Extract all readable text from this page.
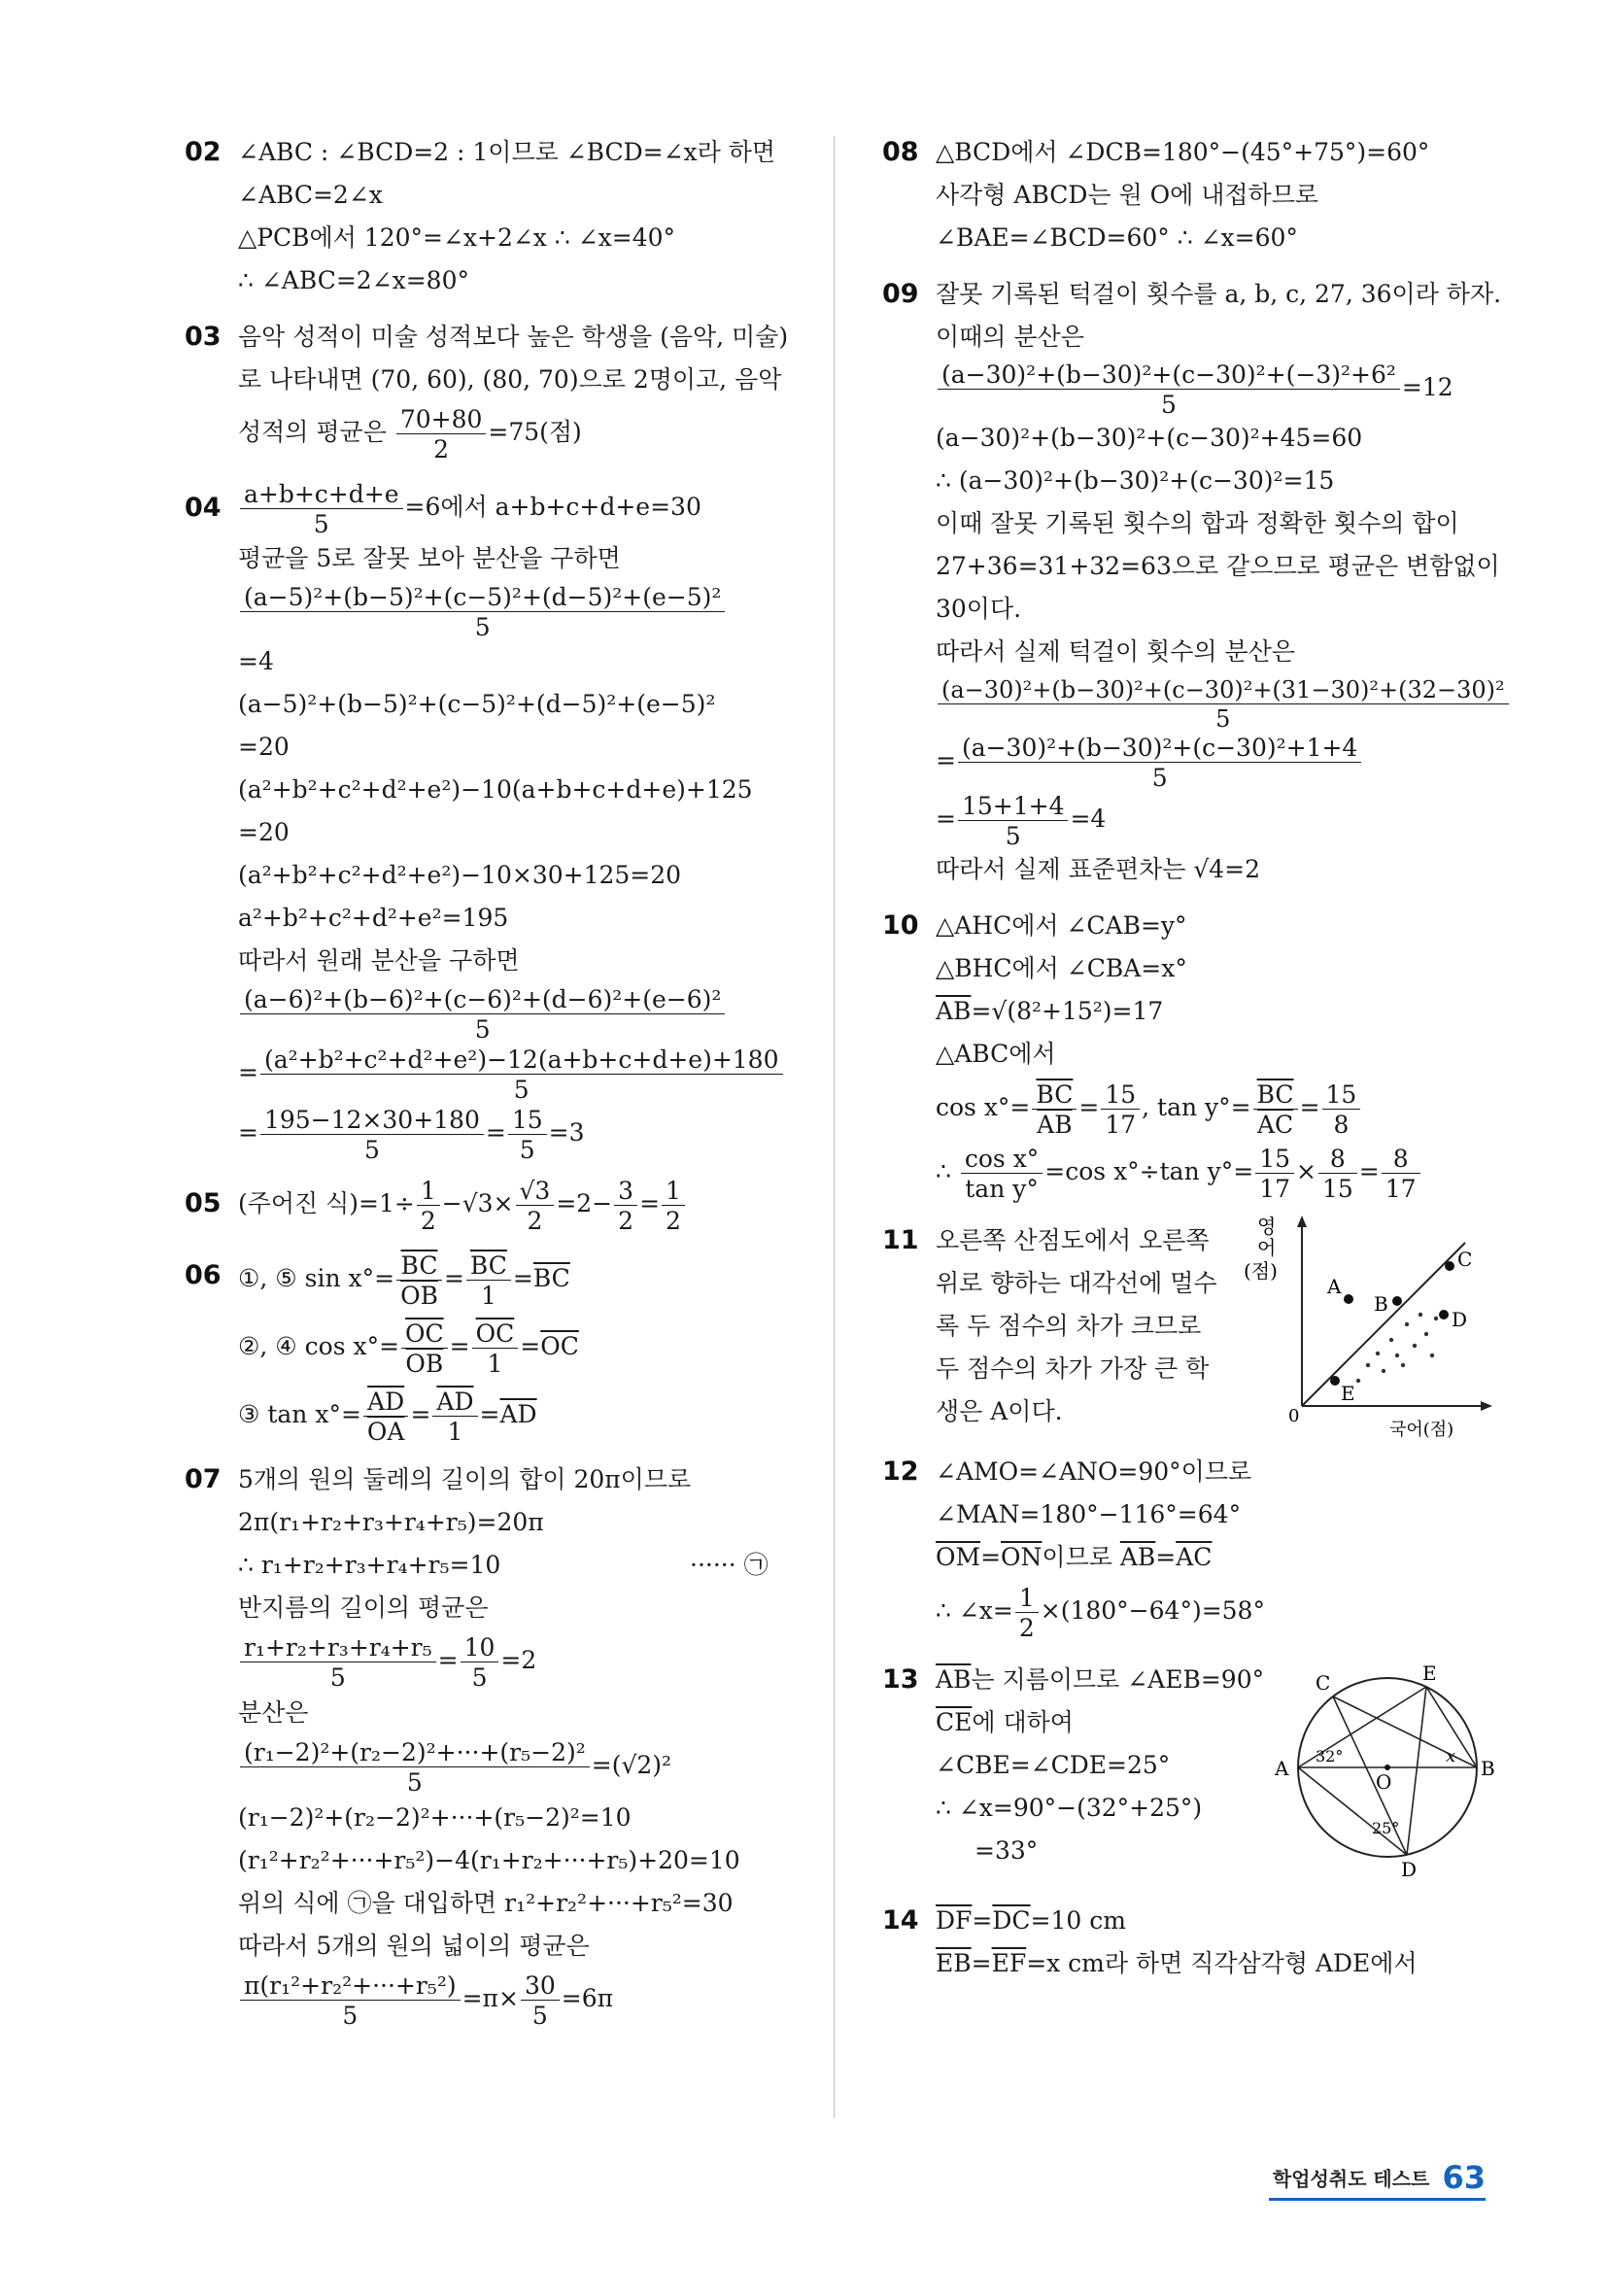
02 ∠ABC : ∠BCD=2 : 1이므로 ∠BCD=∠x라 하면

∠ABC=2∠x

△PCB에서 120°=∠x+2∠x ∴ ∠x=40°

∴ ∠ABC=2∠x=80°

03 음악 성적이 미술 성적보다 높은 학생을 (음악, 미술)

로 나타내면 (70, 60), (80, 70)으로 2명이고, 음악

성적의 평균은 $\frac{70+80}{2} =75$(점)

$04 \frac{a+b+c+d+e}{5} =6$에서 a+b+c+d+e=30

평균을 5로 잘못 보아 분산을 구하면

$\frac{\text{(a−5)²+(b−5)²+(c−5)²+(d−5)²+(e−5)²}}{5}$

=4

(a−5)²+(b−5)²+(c−5)²+(d−5)²+(e−5)²

=20

(a²+b²+c²+d²+e²)−10(a+b+c+d+e)+125

=20

(a²+b²+c²+d²+e²)−10×30+125=20

a²+b²+c²+d²+e²=195

따라서 원래 분산을 구하면

$\frac{\text{(a−6)²+(b−6)²+(c−6)²+(d−6)²+(e−6)²}}{5}$

= $\frac{\text{(a²+b²+c²+d²+e²)−12(a+b+c+d+e)+180}}{5}$

= $\frac{195-12\times 30+180}{5} = \frac{15}{5} =3$

05 (주어진 식)$=1\div \frac{1}{2} -√3\times \frac{√3}{2} =2- \frac{3}{2} = \frac{1}{2}$

06 ①, ⑤ $\sin x^\circ= \frac{\overline{BC}}{OB} = \frac{\overline{BC}}{1} =\overline{BC}$

②, ④ $\cos x^\circ= \frac{\overline{OC}}{OB} = \frac{\overline{OC}}{1} =\overline{OC}$

③ $\tan x^\circ= \frac{\overline{AD}}{OA} = \frac{\overline{AD}}{1} =\overline{AD}$

07 5개의 원의 둘레의 길이의 합이 20π이므로

2π(r₁+r₂+r₃+r₄+r₅)=20π

∴ r₁+r₂+r₃+r₄+r₅=10	······ ㉠

반지름의 길이의 평균은

$\frac{\text{r₁+r₂+r₃+r₄+r₅}}{5} = \frac{10}{5} =2$

분산은

$\frac{\text{(r₁−2)²+(r₂−2)²+···+(r₅−2)²}}{5} =(√2)^2$

(r₁−2)²+(r₂−2)²+···+(r₅−2)²=10

(r₁²+r₂²+···+r₅²)−4(r₁+r₂+···+r₅)+20=10

위의 식에 ㉠을 대입하면 r₁²+r₂²+···+r₅²=30

따라서 5개의 원의 넓이의 평균은

$\frac{\text{π(r₁²+r₂²+···+r₅²)}}{5} =\pi\times \frac{30}{5} =6\pi$

08 △BCD에서 ∠DCB=180°−(45°+75°)=60°

사각형 ABCD는 원 O에 내접하므로

∠BAE=∠BCD=60° ∴ ∠x=60°

09 잘못 기록된 턱걸이 횟수를 a, b, c, 27, 36이라 하자.

이때의 분산은

$\frac{\text{(a−30)²+(b−30)²+(c−30)²+(−3)²+6²}}{5} =12$

(a−30)²+(b−30)²+(c−30)²+45=60

∴ (a−30)²+(b−30)²+(c−30)²=15

이때 잘못 기록된 횟수의 합과 정확한 횟수의 합이

27+36=31+32=63으로 같으므로 평균은 변함없이

30이다.

따라서 실제 턱걸이 횟수의 분산은

$\frac{\text{(a−30)²+(b−30)²+(c−30)²+(31−30)²+(32−30)²}}{5}$

= $\frac{\text{(a−30)²+(b−30)²+(c−30)²+1+4}}{5}$

= $\frac{15+1+4}{5} =4$

따라서 실제 표준편차는 √4=2

10 △AHC에서 ∠CAB=y°

△BHC에서 ∠CBA=x°

$\overline{AB}=√(8^2+15^2)=17$

△ABC에서

$\cos x^\circ= \frac{\overline{BC}}{AB} = \frac{15}{17}$ , $\tan y^\circ= \frac{\overline{BC}}{AC} = \frac{15}{8}$

∴ $\frac{\text{cos x°}}{\text{tan y°}} =\cos$ x°÷tan $y^\circ= \frac{15}{17} \times \frac{8}{15} = \frac{8}{17}$

11 오른쪽 산점도에서 오른쪽

위로 향하는 대각선에 멀수

록 두 점수의 차가 크므로

두 점수의 차가 가장 큰 학

생은 A이다.

영
어
(점)
0
국어(점)
A
B
C
D
E
12 ∠AMO=∠ANO=90°이므로

∠MAN=180°−116°=64°

$\overline{OM}=\overline{ON}$이므로 $\overline{AB}=\overline{AC}$

∴ ∠x= $\frac{1}{2} \times(180^\circ-64^\circ)=58^\circ$

13 $\overline{AB}$는 지름이므로 ∠AEB=90°

$\overline{CE}$에 대하여

∠CBE=∠CDE=25°

∴ ∠x=90°−(32°+25°)

=33°

A	B
C	E
D
O
x
32°
25°
14 $\overline{DF}=\overline{DC}=10$ cm

$\overline{EB}=\overline{EF}=x$ cm라 하면 직각삼각형 ADE에서

학업성취도 테스트 63
